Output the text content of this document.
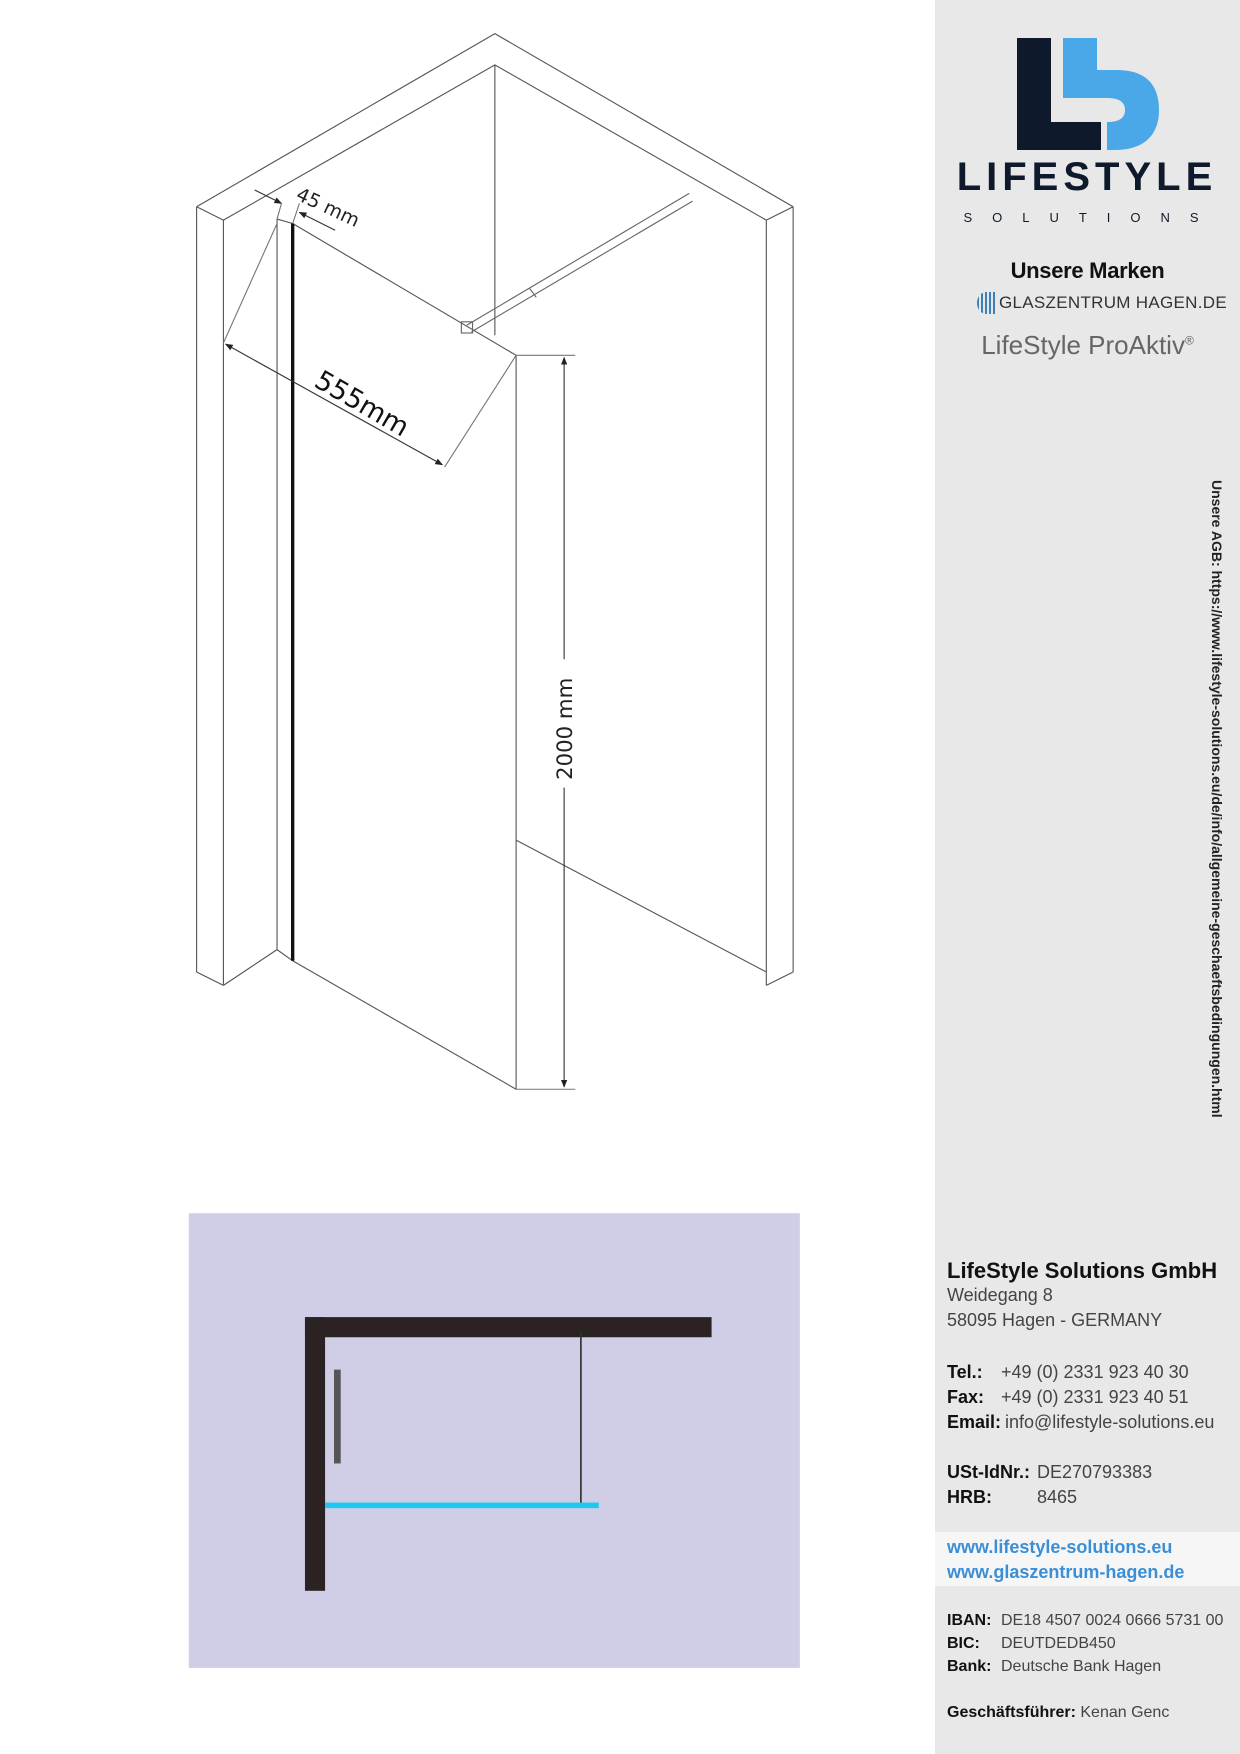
45 mm
555mm
2000 mm
LIFESTYLE
SOLUTIONS
Unsere Marken
GLASZENTRUM HAGEN.DE
LifeStyle ProAktiv®
Unsere AGB: https://www.lifestyle-solutions.eu/de/info/allgemeine-geschaeftsbedingungen.html
LifeStyle Solutions GmbH
Weidegang 8
58095 Hagen - GERMANY
Tel.: +49 (0) 2331 923 40 30
Fax: +49 (0) 2331 923 40 51
Email: info@lifestyle-solutions.eu
USt-IdNr.: DE270793383
HRB:	8465
www.lifestyle-solutions.eu
www.glaszentrum-hagen.de
IBAN: DE18 4507 0024 0666 5731 00
BIC: DEUTDEDB450
Bank: Deutsche Bank Hagen
Geschäftsführer: Kenan Genc
